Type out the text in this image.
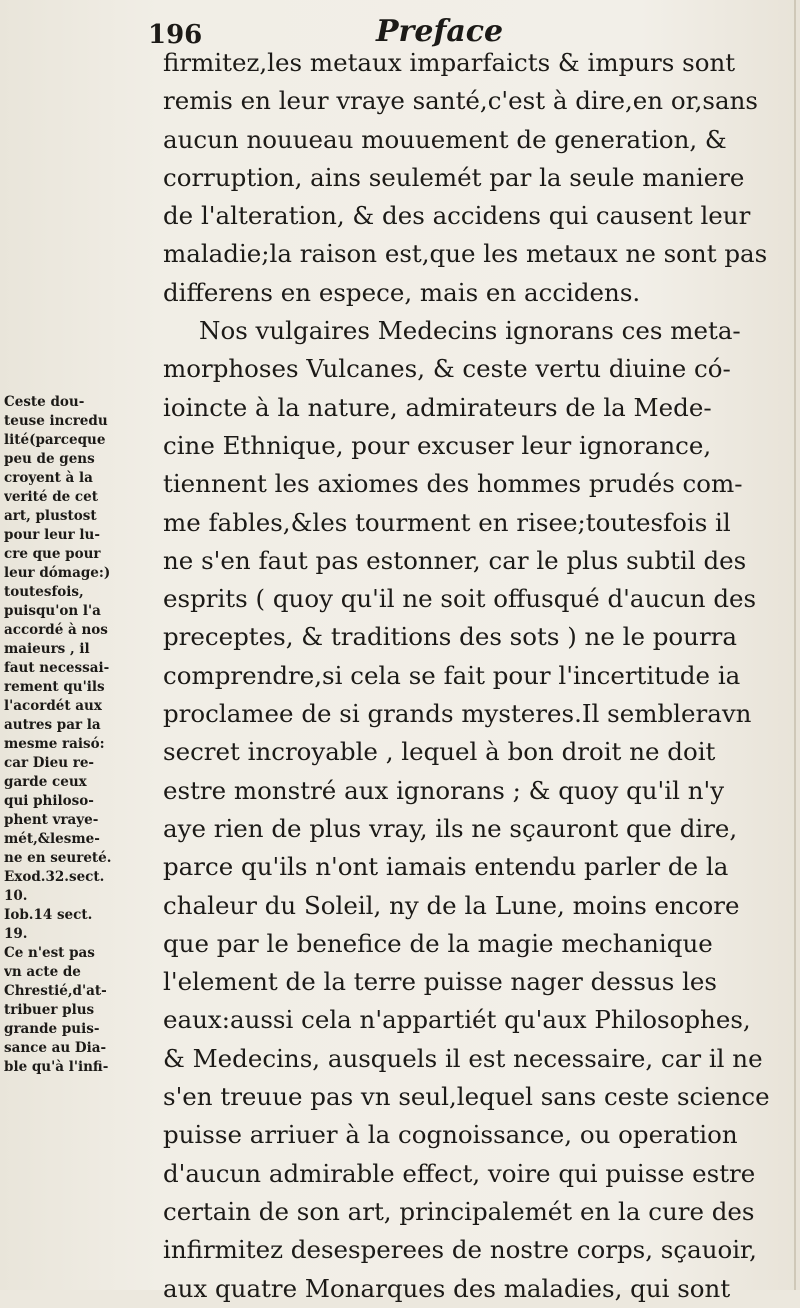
196	Preface
firmitez,les metaux imparfaicts & impurs sont
remis en leur vraye santé,c'est à dire,en or,sans
aucun nouueau mouuement de generation, &
corruption, ains seulemét par la seule maniere
de l'alteration, & des accidens qui causent leur
maladie;la raison est,que les metaux ne sont pas
differens en espece, mais en accidens.
Nos vulgaires Medecins ignorans ces meta-
morphoses Vulcanes, & ceste vertu diuine có-
ioincte à la nature, admirateurs de la Mede-
cine Ethnique, pour excuser leur ignorance,
tiennent les axiomes des hommes prudés com-
me fables,&les tourment en risee;toutesfois il
ne s'en faut pas estonner, car le plus subtil des
esprits ( quoy qu'il ne soit offusqué d'aucun des
preceptes, & traditions des sots ) ne le pourra
comprendre,si cela se fait pour l'incertitude ia
proclamee de si grands mysteres.Il sembleravn
secret incroyable , lequel à bon droit ne doit
estre monstré aux ignorans ; & quoy qu'il n'y
aye rien de plus vray, ils ne sçauront que dire,
parce qu'ils n'ont iamais entendu parler de la
chaleur du Soleil, ny de la Lune, moins encore
que par le benefice de la magie mechanique
l'element de la terre puisse nager dessus les
eaux:aussi cela n'appartiét qu'aux Philosophes,
& Medecins, ausquels il est necessaire, car il ne
s'en treuue pas vn seul,lequel sans ceste science
puisse arriuer à la cognoissance, ou operation
d'aucun admirable effect, voire qui puisse estre
certain de son art, principalemét en la cure des
infirmitez desesperees de nostre corps, sçauoir,
aux quatre Monarques des maladies, qui sont
Ceste dou-
teuse incredu
lité(parceque
peu de gens
croyent à la
verité de cet
art, plustost
pour leur lu-
cre que pour
leur dómage:)
toutesfois,
puisqu'on l'a
accordé à nos
maieurs , il
faut necessai-
rement qu'ils
l'acordét aux
autres par la
mesme raisó:
car Dieu re-
garde ceux
qui philoso-
phent vraye-
mét,&lesme-
ne en seureté.
Exod.32.sect.
10.
Iob.14 sect.
19.
Ce n'est pas
vn acte de
Chrestié,d'at-
tribuer plus
grande puis-
sance au Dia-
ble qu'à l'infi-
